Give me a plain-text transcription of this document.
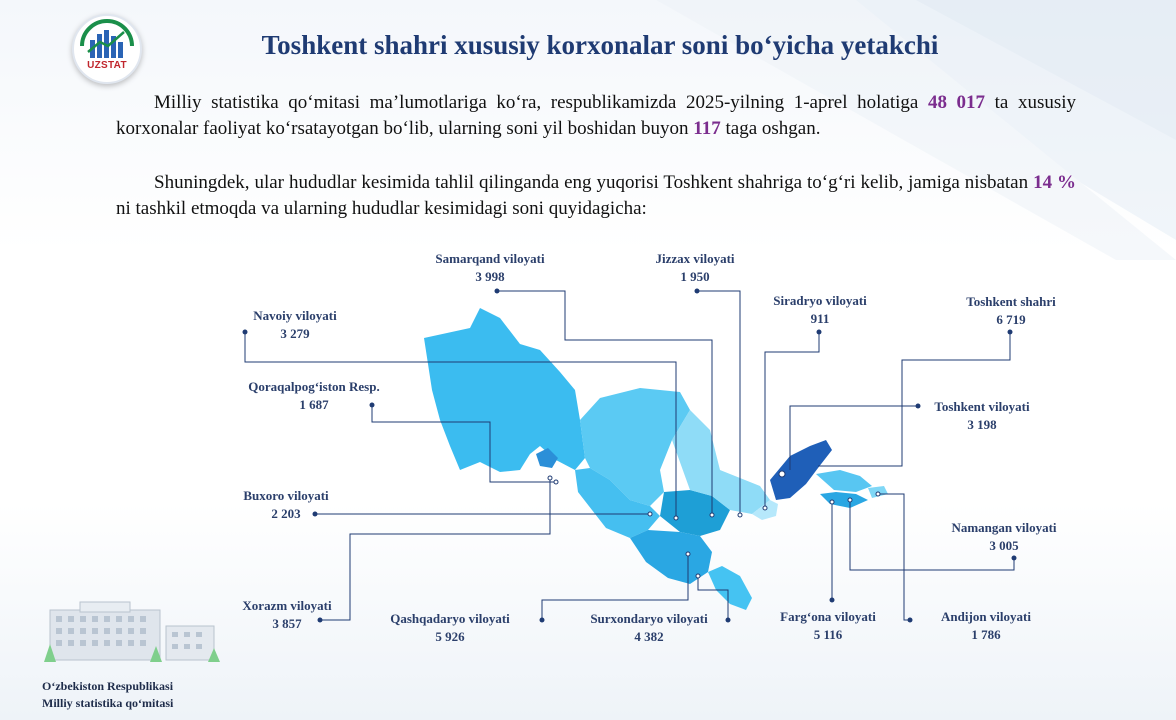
UZSTAT
Toshkent shahri xususiy korxonalar soni bo‘yicha yetakchi
Milliy statistika qo‘mitasi ma’lumotlariga ko‘ra, respublikamizda 2025-yilning 1-aprel holatiga 48 017 ta xususiy korxonalar faoliyat ko‘rsatayotgan bo‘lib, ularning soni yil boshidan buyon 117 taga oshgan.
Shuningdek, ular hududlar kesimida tahlil qilinganda eng yuqorisi Toshkent shahriga to‘g‘ri kelib, jamiga nisbatan 14 % ni tashkil etmoqda va ularning hududlar kesimidagi soni quyidagicha:
Samarqand viloyati
3 998
Jizzax viloyati
1 950
Siradryo viloyati
911
Toshkent shahri
6 719
Navoiy viloyati
3 279
Qoraqalpog‘iston Resp.
1 687	Toshkent viloyati
3 198
Buxoro viloyati
2 203
Namangan viloyati
3 005
Xorazm viloyati
3 857	Qashqadaryo viloyati
5 926
Surxondaryo viloyati
4 382
Farg‘ona viloyati
5 116
Andijon viloyati
1 786
O‘zbekiston Respublikasi
Milliy statistika qo‘mitasi
